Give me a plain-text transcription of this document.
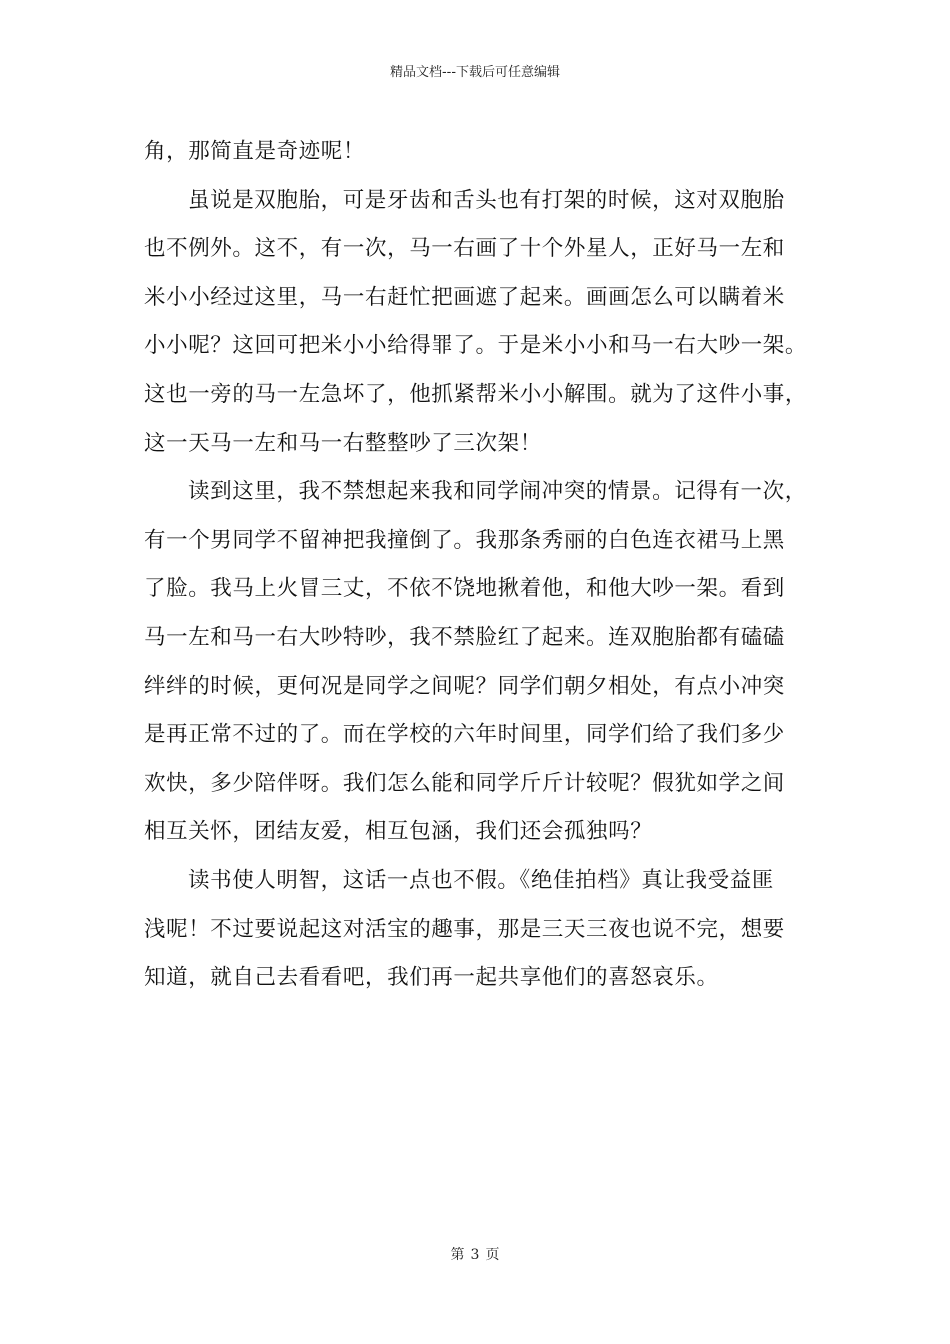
精品文档---下载后可任意编辑
角，那简直是奇迹呢！
虽说是双胞胎，可是牙齿和舌头也有打架的时候，这对双胞胎
也不例外。这不，有一次，马一右画了十个外星人，正好马一左和
米小小经过这里，马一右赶忙把画遮了起来。画画怎么可以瞒着米
小小呢？这回可把米小小给得罪了。于是米小小和马一右大吵一架。
这也一旁的马一左急坏了，他抓紧帮米小小解围。就为了这件小事，
这一天马一左和马一右整整吵了三次架！
读到这里，我不禁想起来我和同学闹冲突的情景。记得有一次，
有一个男同学不留神把我撞倒了。我那条秀丽的白色连衣裙马上黑
了脸。我马上火冒三丈，不依不饶地揪着他，和他大吵一架。看到
马一左和马一右大吵特吵，我不禁脸红了起来。连双胞胎都有磕磕
绊绊的时候，更何况是同学之间呢？同学们朝夕相处，有点小冲突
是再正常不过的了。而在学校的六年时间里，同学们给了我们多少
欢快，多少陪伴呀。我们怎么能和同学斤斤计较呢？假犹如学之间
相互关怀，团结友爱，相互包涵，我们还会孤独吗？
读书使人明智，这话一点也不假。《绝佳拍档》真让我受益匪
浅呢！不过要说起这对活宝的趣事，那是三天三夜也说不完，想要
知道，就自己去看看吧，我们再一起共享他们的喜怒哀乐。
第 3 页
